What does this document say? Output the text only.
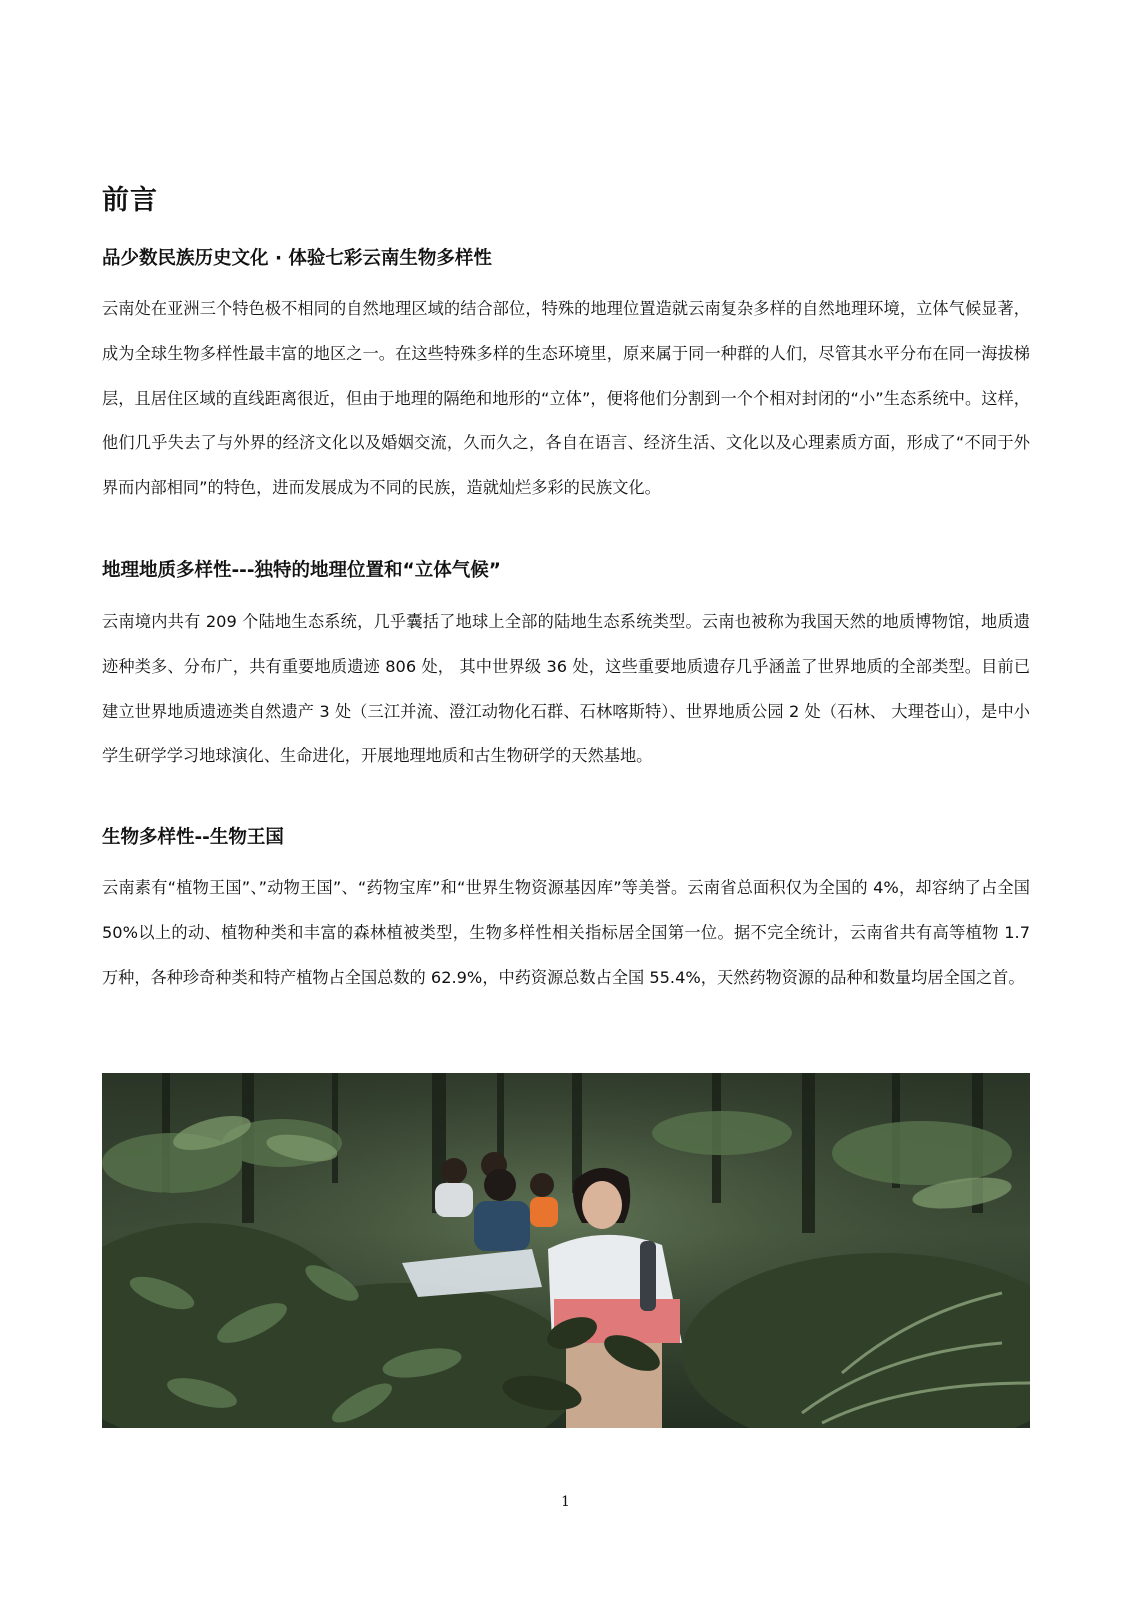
前言
品少数民族历史文化 · 体验七彩云南生物多样性
云南处在亚洲三个特色极不相同的自然地理区域的结合部位，特殊的地理位置造就云南复杂多样的自然地理环境，立体气候显著，成为全球生物多样性最丰富的地区之一。在这些特殊多样的生态环境里，原来属于同一种群的人们，尽管其水平分布在同一海拔梯层，且居住区域的直线距离很近，但由于地理的隔绝和地形的“立体”，便将他们分割到一个个相对封闭的“小”生态系统中。这样，他们几乎失去了与外界的经济文化以及婚姻交流，久而久之，各自在语言、经济生活、文化以及心理素质方面，形成了“不同于外界而内部相同”的特色，进而发展成为不同的民族，造就灿烂多彩的民族文化。
地理地质多样性---独特的地理位置和“立体气候”
云南境内共有 209 个陆地生态系统，几乎囊括了地球上全部的陆地生态系统类型。云南也被称为我国天然的地质博物馆，地质遗迹种类多、分布广，共有重要地质遗迹 806 处， 其中世界级 36 处，这些重要地质遗存几乎涵盖了世界地质的全部类型。目前已建立世界地质遗迹类自然遗产 3 处（三江并流、澄江动物化石群、石林喀斯特）、世界地质公园 2 处（石林、 大理苍山），是中小学生研学学习地球演化、生命进化，开展地理地质和古生物研学的天然基地。
生物多样性--生物王国
云南素有“植物王国”、”动物王国”、“药物宝库”和“世界生物资源基因库”等美誉。云南省总面积仅为全国的 4%，却容纳了占全国 50%以上的动、植物种类和丰富的森林植被类型，生物多样性相关指标居全国第一位。据不完全统计，云南省共有高等植物 1.7 万种，各种珍奇种类和特产植物占全国总数的 62.9%，中药资源总数占全国 55.4%，天然药物资源的品种和数量均居全国之首。
1
